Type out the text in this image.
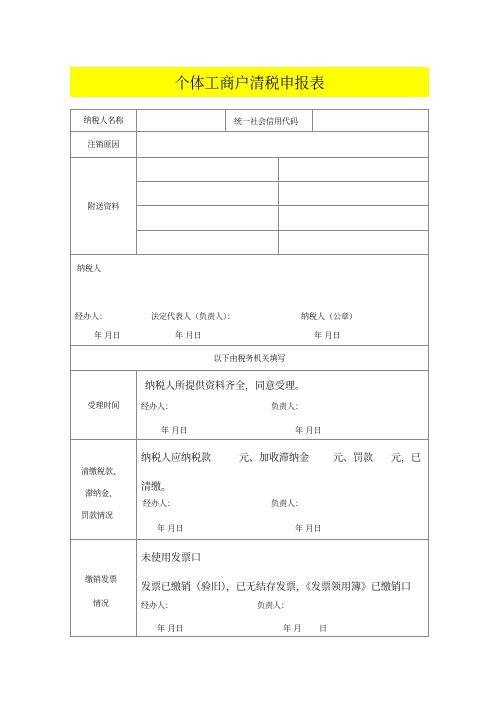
个体工商户清税申报表
纳税人名称	统一社会信用代码
注销原因
附送资料
纳税人
经办人：	法定代表人（负责人）：	纳税人（公章）
年 月日	年 月日	年 月日
以下由税务机关填写
受理时间
纳税人所提供资料齐全，同意受理。
经办人：	负责人：
年 月日	年 月日
清缴税款、
滞纳金、
罚款情况
纳税人应纳税款	元、加收滞纳金 元、罚款 元，已
清缴。
经办人：	负责人：
年 月日	年 月日
缴销发票
情况
未使用发票口
发票已缴销（验旧），已无结存发票，《发票领用簿》已缴销口
经办人：	负责人：
年 月日	年 月 日
